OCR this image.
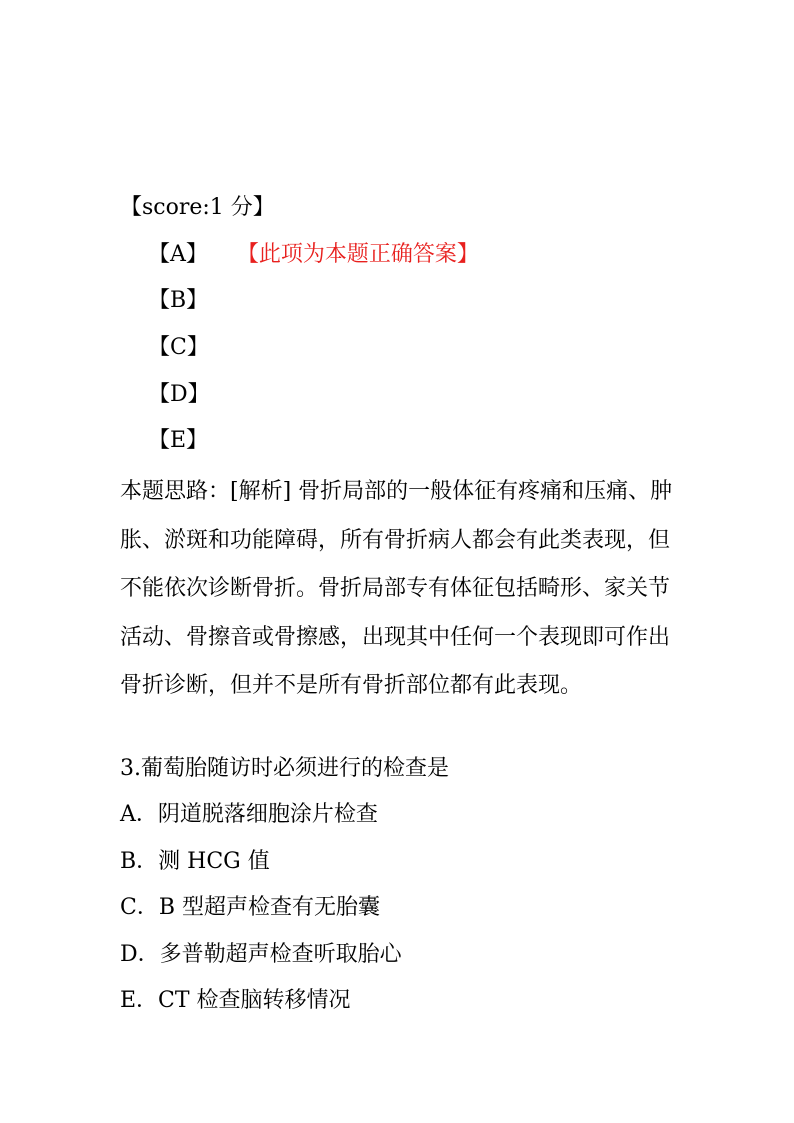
【score:1 分】
【A】 【此项为本题正确答案】
【B】
【C】
【D】
【E】
本题思路：[解析] 骨折局部的一般体征有疼痛和压痛、肿胀、淤斑和功能障碍，所有骨折病人都会有此类表现，但不能依次诊断骨折。骨折局部专有体征包括畸形、家关节活动、骨擦音或骨擦感，出现其中任何一个表现即可作出骨折诊断，但并不是所有骨折部位都有此表现。
3.葡萄胎随访时必须进行的检查是
A．阴道脱落细胞涂片检查
B．测 HCG 值
C．B 型超声检查有无胎囊
D．多普勒超声检查听取胎心
E．CT 检查脑转移情况
